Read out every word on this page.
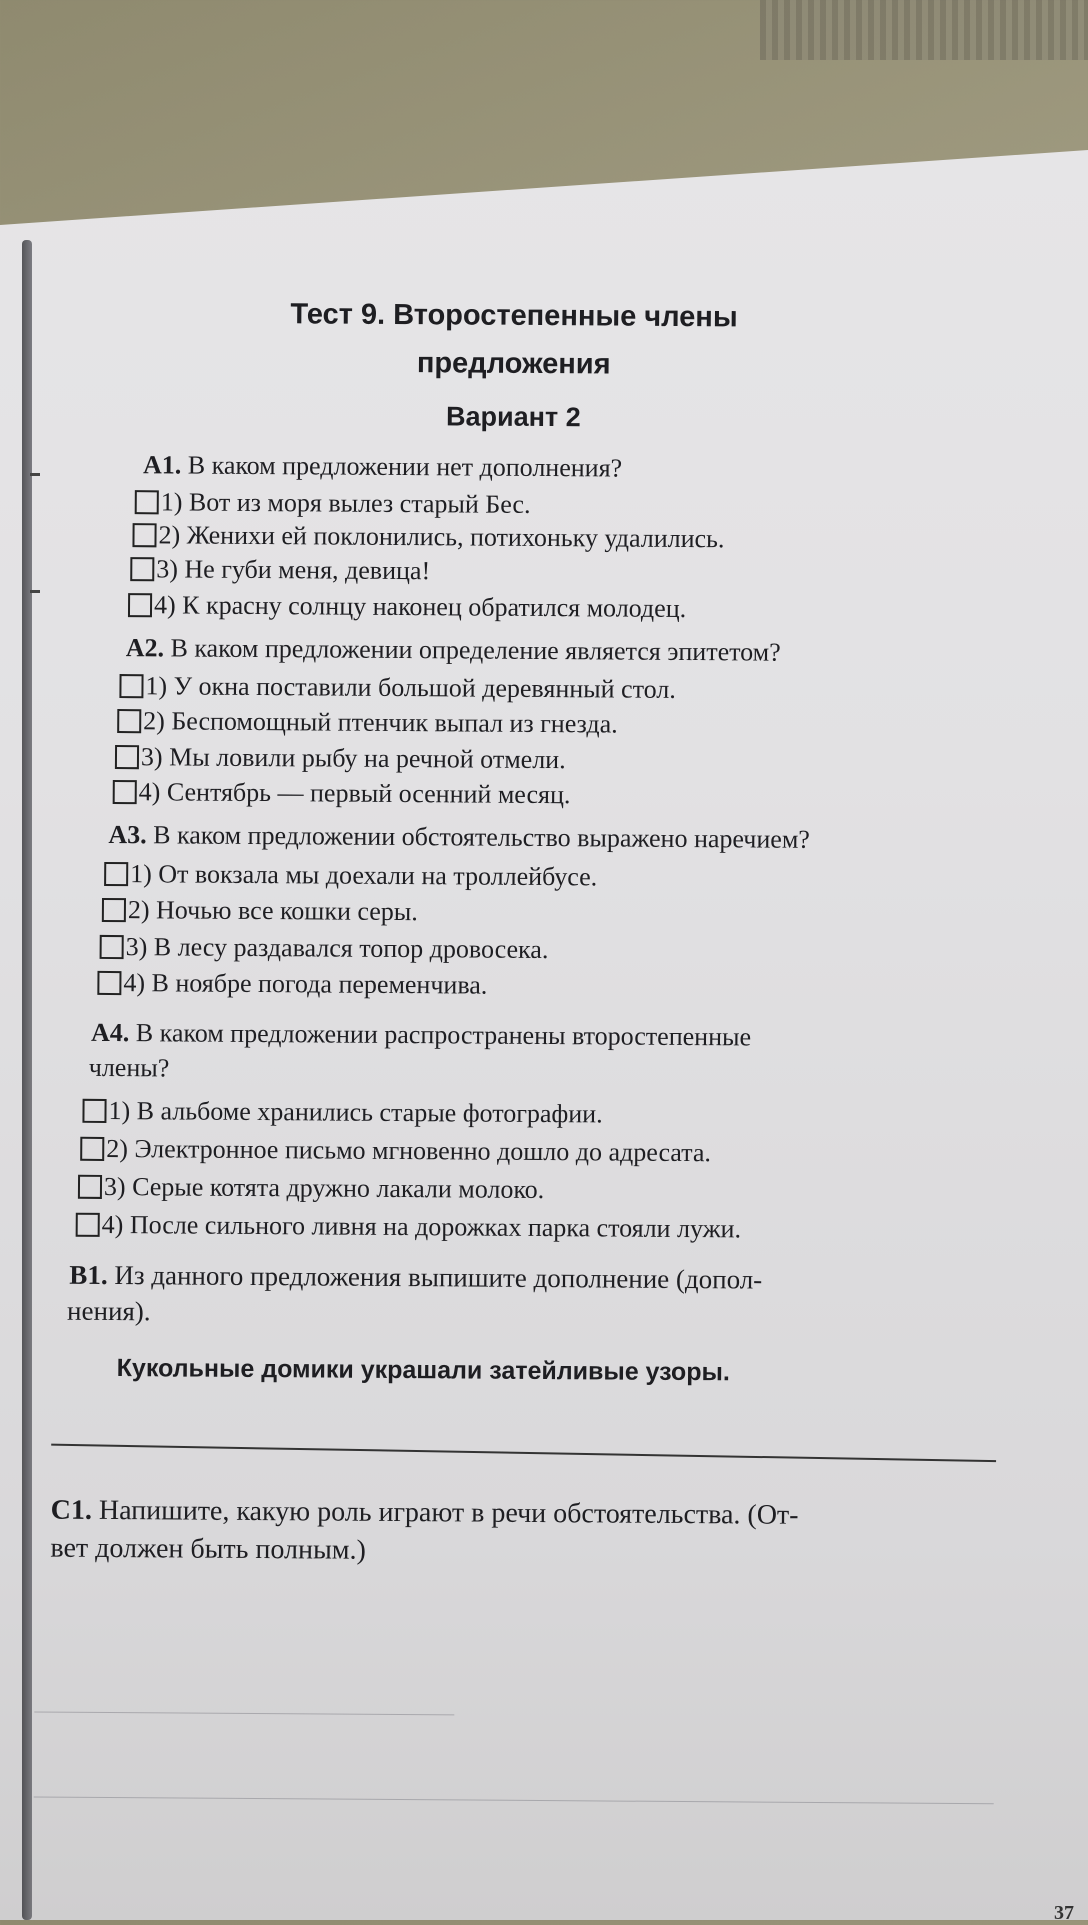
Тест 9. Второстепенные члены
предложения
Вариант 2
А1. В каком предложении нет дополнения?
1) Вот из моря вылез старый Бес.
2) Женихи ей поклонились, потихоньку удалились.
3) Не губи меня, девица!
4) К красну солнцу наконец обратился молодец.
А2. В каком предложении определение является эпитетом?
1) У окна поставили большой деревянный стол.
2) Беспомощный птенчик выпал из гнезда.
3) Мы ловили рыбу на речной отмели.
4) Сентябрь — первый осенний месяц.
А3. В каком предложении обстоятельство выражено наречием?
1) От вокзала мы доехали на троллейбусе.
2) Ночью все кошки серы.
3) В лесу раздавался топор дровосека.
4) В ноябре погода переменчива.
А4. В каком предложении распространены второстепенные
члены?
1) В альбоме хранились старые фотографии.
2) Электронное письмо мгновенно дошло до адресата.
3) Серые котята дружно лакали молоко.
4) После сильного ливня на дорожках парка стояли лужи.
В1. Из данного предложения выпишите дополнение (допол-
нения).
Кукольные домики украшали затейливые узоры.
С1. Напишите, какую роль играют в речи обстоятельства. (От-
вет должен быть полным.)
37
